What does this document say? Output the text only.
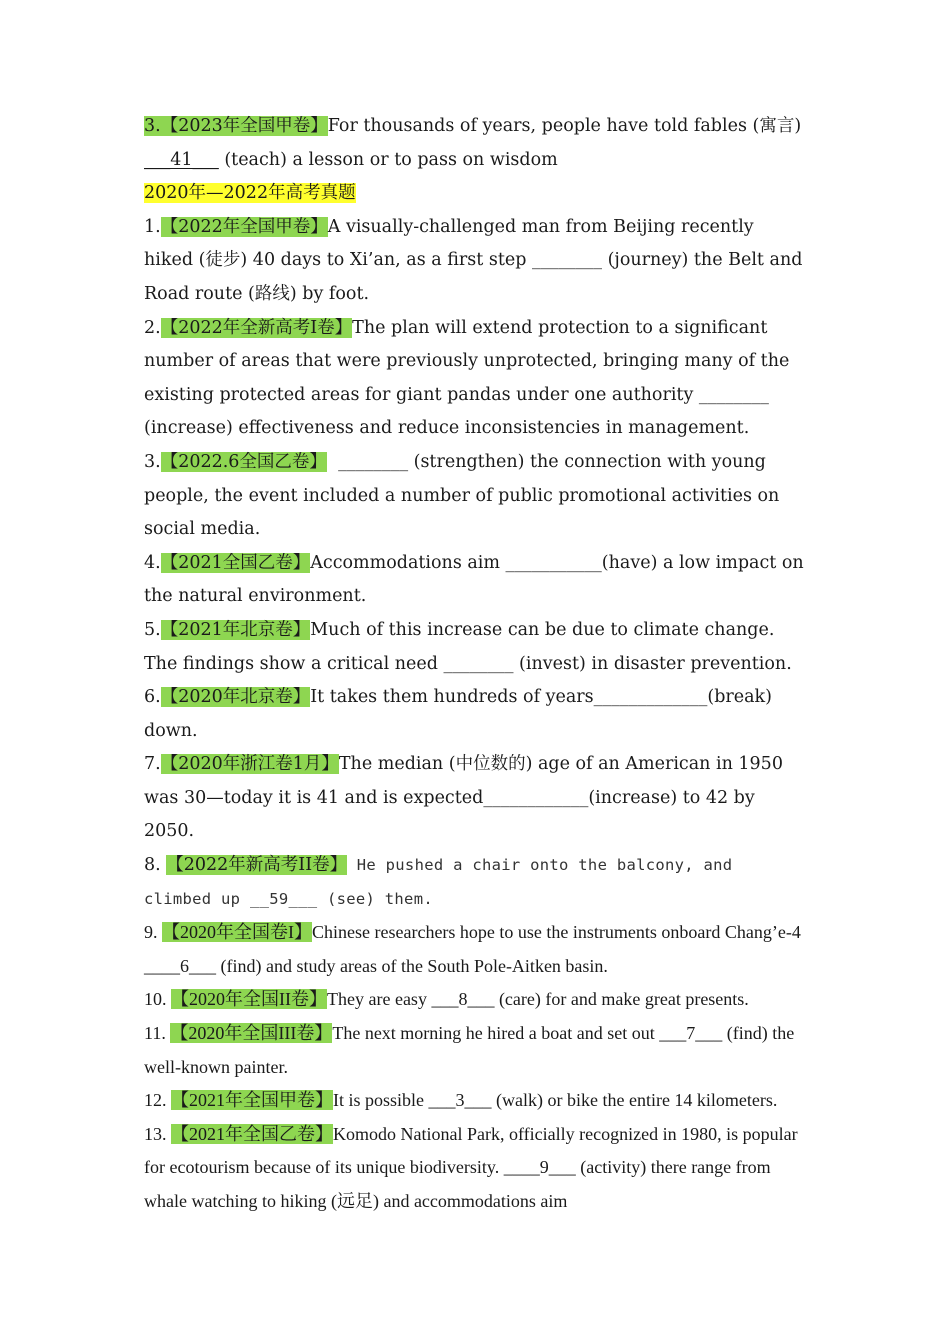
3.【2023年全国甲卷】For thousands of years, people have told fables (寓言)
___41___ (teach) a lesson or to pass on wisdom

2020年—2022年高考真题

1.【2022年全国甲卷】A visually-challenged man from Beijing recently hiked (徒步) 40 days to Xi’an, as a first step ________ (journey) the Belt and Road route (路线) by foot.

2.【2022年全新高考I卷】The plan will extend protection to a significant number of areas that were previously unprotected, bringing many of the existing protected areas for giant pandas under one authority ________ (increase) effectiveness and reduce inconsistencies in management.

3.【2022.6全国乙卷】  ________ (strengthen) the connection with young people, the event included a number of public promotional activities on social media.

4.【2021全国乙卷】Accommodations aim ___________(have) a low impact on the natural environment.

5.【2021年北京卷】Much of this increase can be due to climate change. The findings show a critical need ________ (invest) in disaster prevention.

6.【2020年北京卷】It takes them hundreds of years_____________(break) down.

7.【2020年浙江卷1月】The median (中位数的) age of an American in 1950 was 30—today it is 41 and is expected____________(increase) to 42 by 2050.

8. 【2022年新高考II卷】 He pushed a chair onto the balcony, and climbed up __59___ (see) them.

9. 【2020年全国卷I】Chinese researchers hope to use the instruments onboard Chang’e-4 ____6___ (find) and study areas of the South Pole-Aitken basin.

10. 【2020年全国II卷】They are easy ___8___ (care) for and make great presents.

11. 【2020年全国III卷】The next morning he hired a boat and set out ___7___ (find) the well-known painter.

12. 【2021年全国甲卷】It is possible ___3___ (walk) or bike the entire 14 kilometers.

13. 【2021年全国乙卷】Komodo National Park, officially recognized in 1980, is popular for ecotourism because of its unique biodiversity. ____9___ (activity) there range from whale watching to hiking (远足) and accommodations aim
